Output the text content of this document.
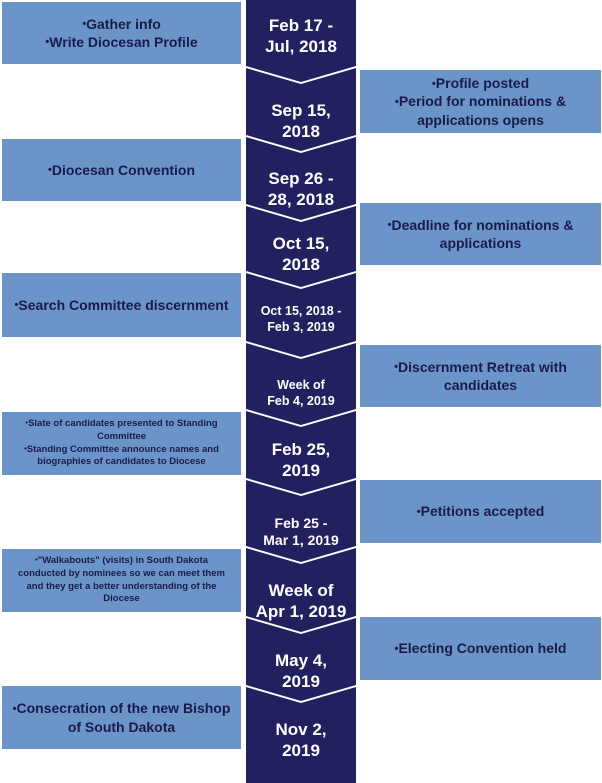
Feb 17 -
Jul, 2018
Sep 15,
2018
Sep 26 -
28, 2018
Oct 15,
2018
Oct 15, 2018 -
Feb 3, 2019
Week of
Feb 4, 2019
Feb 25,
2019
Feb 25 -
Mar 1, 2019
Week of
Apr 1, 2019
May 4,
2019
Nov 2,
2019
• Gather info
• Write Diocesan Profile
• Profile posted
• Period for nominations & applications opens
• Diocesan Convention
• Deadline for nominations & applications
• Search Committee discernment
• Discernment Retreat with candidates
• Slate of candidates presented to Standing Committee
• Standing Committee announce names and biographies of candidates to Diocese
• Petitions accepted
• "Walkabouts" (visits) in South Dakota conducted by nominees so we can meet them and they get a better understanding of the Diocese
• Electing Convention held
• Consecration of the new Bishop of South Dakota
